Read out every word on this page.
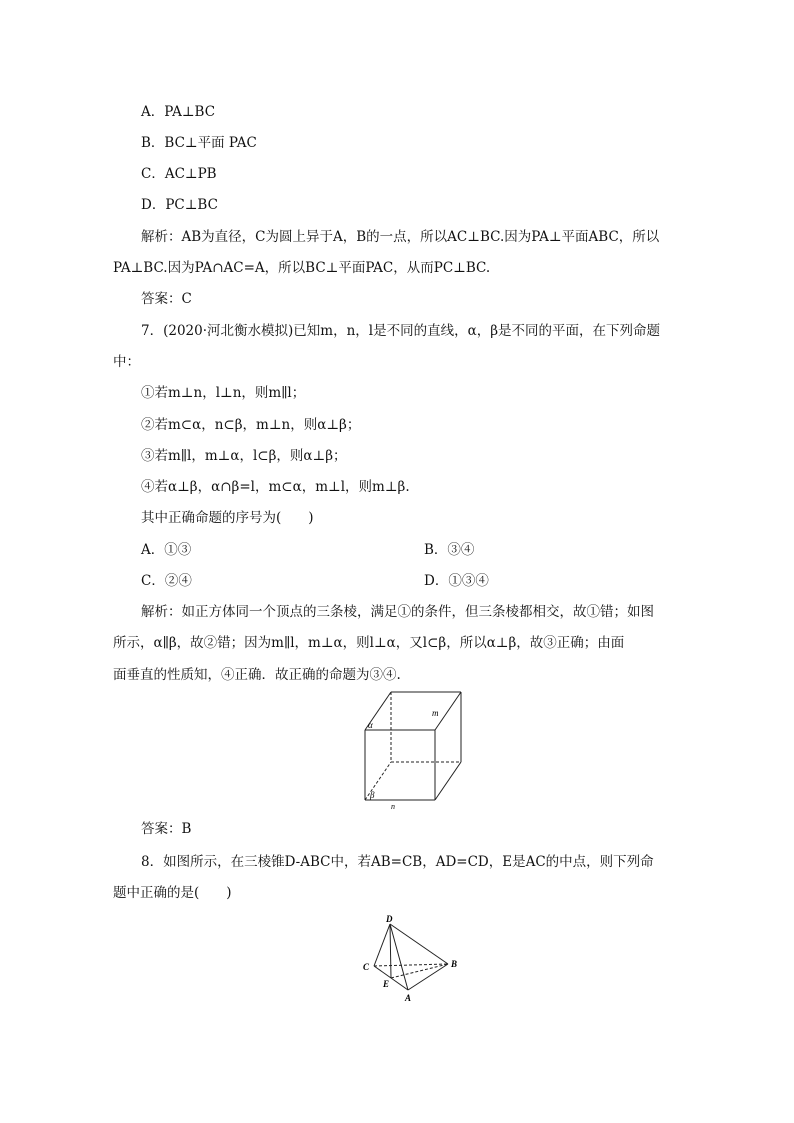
A．PA⊥BC
B．BC⊥平面 PAC
C．AC⊥PB
D．PC⊥BC
解析：AB为直径，C为圆上异于A，B的一点，所以AC⊥BC.因为PA⊥平面ABC，所以
PA⊥BC.因为PA∩AC=A，所以BC⊥平面PAC，从而PC⊥BC.
答案：C
7．(2020·河北衡水模拟)已知m，n，l是不同的直线，α，β是不同的平面，在下列命题
中：
①若m⊥n，l⊥n，则m∥l；
②若m⊂α，n⊂β，m⊥n，则α⊥β；
③若m∥l，m⊥α，l⊂β，则α⊥β；
④若α⊥β，α∩β=l，m⊂α，m⊥l，则m⊥β.
其中正确命题的序号为(　　)
A．①③	B．③④
C．②④	D．①③④
解析：如正方体同一个顶点的三条棱，满足①的条件，但三条棱都相交，故①错；如图
所示，α∥β，故②错；因为m∥l，m⊥α，则l⊥α，又l⊂β，所以α⊥β，故③正确；由面
面垂直的性质知，④正确．故正确的命题为③④.
α
β
m
n
答案：B
8．如图所示，在三棱锥D-ABC中，若AB=CB，AD=CD，E是AC的中点，则下列命
题中正确的是(　　)
D
C	B
E
A
